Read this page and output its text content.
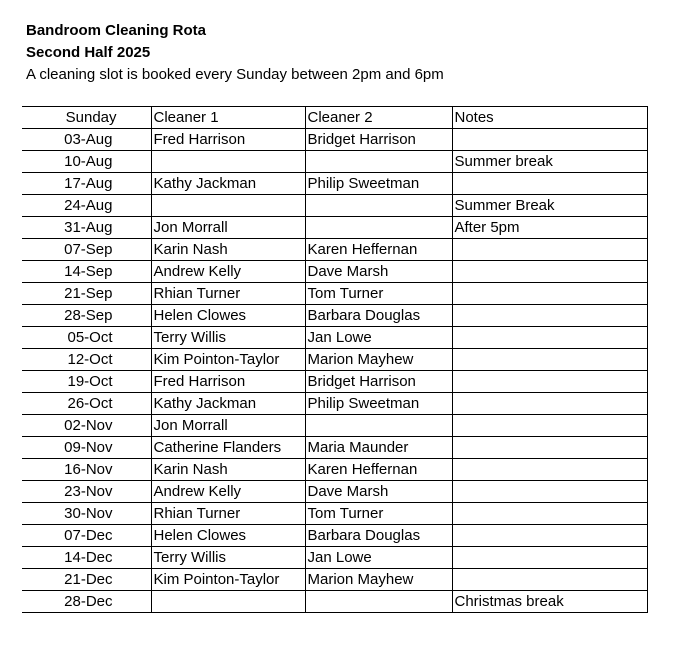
Bandroom Cleaning Rota
Second Half 2025
A cleaning slot is booked every Sunday between 2pm and 6pm
Sunday	Cleaner 1	Cleaner 2	Notes
03-Aug	Fred Harrison	Bridget Harrison	
10-Aug			Summer break
17-Aug	Kathy Jackman	Philip Sweetman	
24-Aug			Summer Break
31-Aug	Jon Morrall		After 5pm
07-Sep	Karin Nash	Karen Heffernan	
14-Sep	Andrew Kelly	Dave Marsh	
21-Sep	Rhian Turner	Tom Turner	
28-Sep	Helen Clowes	Barbara Douglas	
05-Oct	Terry Willis	Jan Lowe	
12-Oct	Kim Pointon-Taylor	Marion Mayhew	
19-Oct	Fred Harrison	Bridget Harrison	
26-Oct	Kathy Jackman	Philip Sweetman	
02-Nov	Jon Morrall		
09-Nov	Catherine Flanders	Maria Maunder	
16-Nov	Karin Nash	Karen Heffernan	
23-Nov	Andrew Kelly	Dave Marsh	
30-Nov	Rhian Turner	Tom Turner	
07-Dec	Helen Clowes	Barbara Douglas	
14-Dec	Terry Willis	Jan Lowe	
21-Dec	Kim Pointon-Taylor	Marion Mayhew	
28-Dec			Christmas break
